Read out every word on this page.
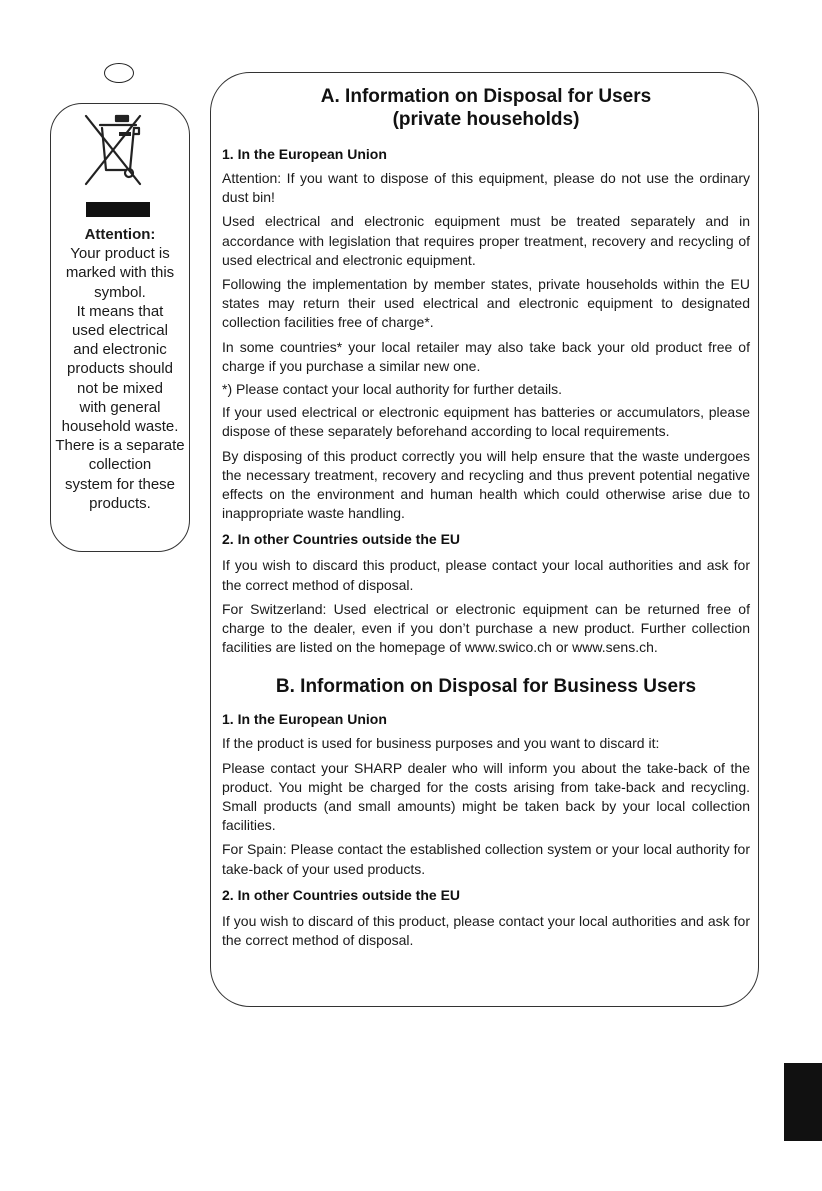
Attention:
Your product is
marked with this
symbol.
It means that
used electrical
and electronic
products should
not be mixed
with general
household waste.
There is a separate
collection
system for these
products.
A. Information on Disposal for Users
(private households)
1. In the European Union

Attention: If you want to dispose of this equipment, please do not use the ordinary dust bin!

Used electrical and electronic equipment must be treated separately and in accordance with legislation that requires proper treatment, recovery and recycling of used electrical and electronic equipment.

Following the implementation by member states, private households within the EU states may return their used electrical and electronic equipment to designated collection facilities free of charge*.

In some countries* your local retailer may also take back your old product free of charge if you purchase a similar new one.

*) Please contact your local authority for further details.

If your used electrical or electronic equipment has batteries or accumulators, please dispose of these separately beforehand according to local requirements.

By disposing of this product correctly you will help ensure that the waste undergoes the necessary treatment, recovery and recycling and thus prevent potential negative effects on the environment and human health which could otherwise arise due to inappropriate waste handling.

2. In other Countries outside the EU

If you wish to discard this product, please contact your local authorities and ask for the correct method of disposal.

For Switzerland: Used electrical or electronic equipment can be returned free of charge to the dealer, even if you don’t purchase a new product. Further collection facilities are listed on the homepage of www.swico.ch or www.sens.ch.

B. Information on Disposal for Business Users
1. In the European Union

If the product is used for business purposes and you want to discard it:

Please contact your SHARP dealer who will inform you about the take-back of the product. You might be charged for the costs arising from take-back and recycling. Small products (and small amounts) might be taken back by your local collection facilities.

For Spain: Please contact the established collection system or your local authority for take-back of your used products.

2. In other Countries outside the EU

If you wish to discard of this product, please contact your local authorities and ask for the correct method of disposal.
